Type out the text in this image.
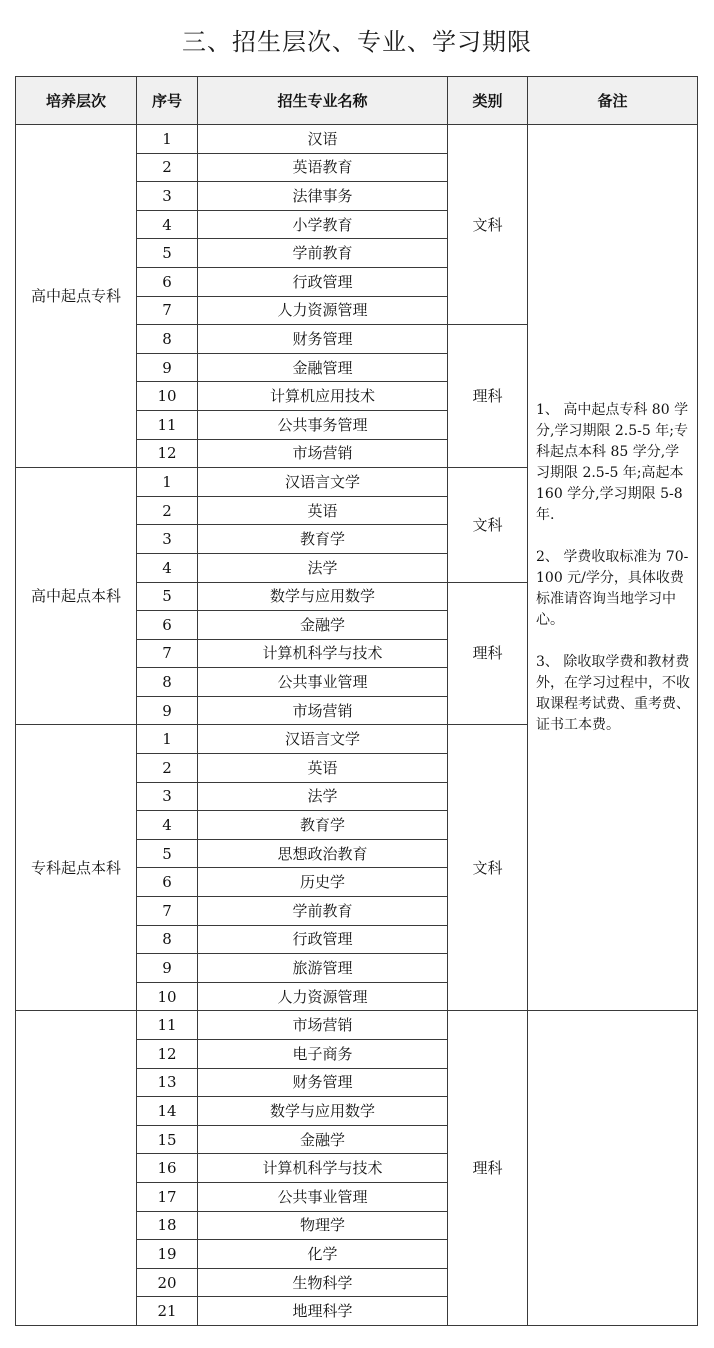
三、招生层次、专业、学习期限
培养层次	序号	招生专业名称	类别	备注
高中起点专科	1	汉语	文科	1、 高中起点专科 80 学分,学习期限 2.5-5 年;专科起点本科 85 学分,学习期限 2.5-5 年;高起本 160 学分,学习期限 5-8 年.

2、 学费收取标准为 70-100 元/学分，具体收费标准请咨询当地学习中心。

3、 除收取学费和教材费外，在学习过程中，不收取课程考试费、重考费、证书工本费。

	2	英语教育		
	3	法律事务		
	4	小学教育		
	5	学前教育		
	6	行政管理		
	7	人力资源管理		
	8	财务管理	理科	
	9	金融管理		
	10	计算机应用技术		
	11	公共事务管理		
	12	市场营销		
高中起点本科	1	汉语言文学	文科	
	2	英语		
	3	教育学		
	4	法学		
	5	数学与应用数学	理科	
	6	金融学		
	7	计算机科学与技术		
	8	公共事业管理		
	9	市场营销		
专科起点本科	1	汉语言文学	文科	
	2	英语		
	3	法学		
	4	教育学		
	5	思想政治教育		
	6	历史学		
	7	学前教育		
	8	行政管理		
	9	旅游管理		
	10	人力资源管理		
	11	市场营销	理科	
	12	电子商务		
	13	财务管理		
	14	数学与应用数学		
	15	金融学		
	16	计算机科学与技术		
	17	公共事业管理		
	18	物理学		
	19	化学		
	20	生物科学		
	21	地理科学		
